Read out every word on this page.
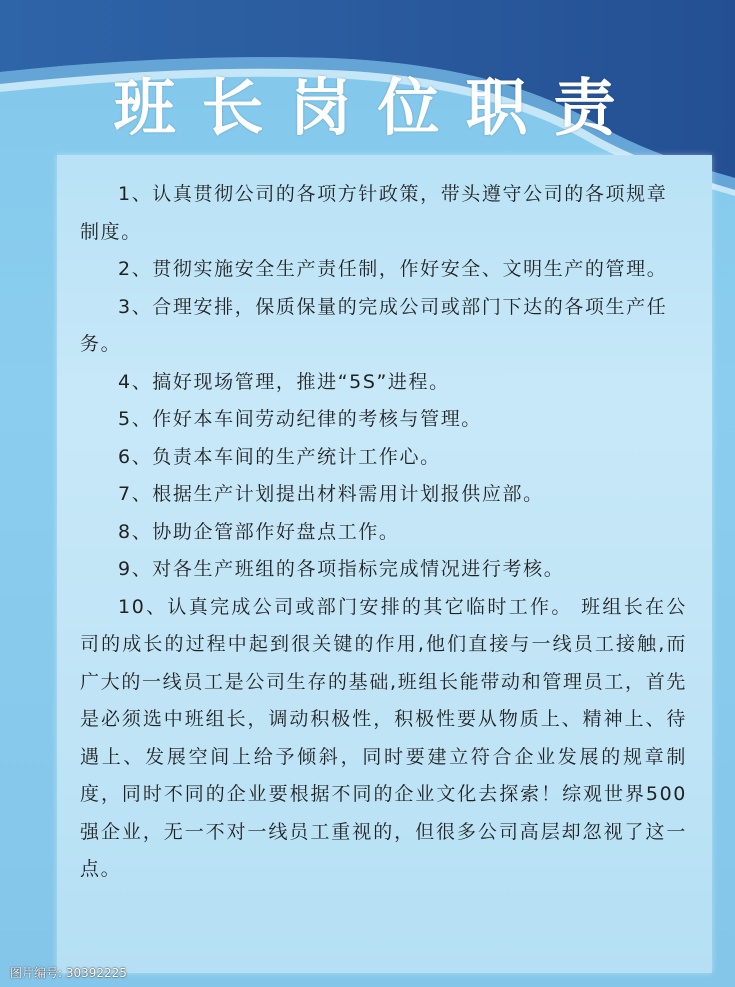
班长岗位职责

1、认真贯彻公司的各项方针政策，带头遵守公司的各项规章制度。

2、贯彻实施安全生产责任制，作好安全、文明生产的管理。

3、合理安排，保质保量的完成公司或部门下达的各项生产任务。

4、搞好现场管理，推进“5S”进程。

5、作好本车间劳动纪律的考核与管理。

6、负责本车间的生产统计工作心。

7、根据生产计划提出材料需用计划报供应部。

8、协助企管部作好盘点工作。

9、对各生产班组的各项指标完成情况进行考核。

10、认真完成公司或部门安排的其它临时工作。 班组长在公司的成长的过程中起到很关键的作用,他们直接与一线员工接触,而广大的一线员工是公司生存的基础,班组长能带动和管理员工，首先是必须选中班组长，调动积极性，积极性要从物质上、精神上、待遇上、发展空间上给予倾斜，同时要建立符合企业发展的规章制度，同时不同的企业要根据不同的企业文化去探索！综观世界500强企业，无一不对一线员工重视的，但很多公司高层却忽视了这一点。

图片编号: 30392225
